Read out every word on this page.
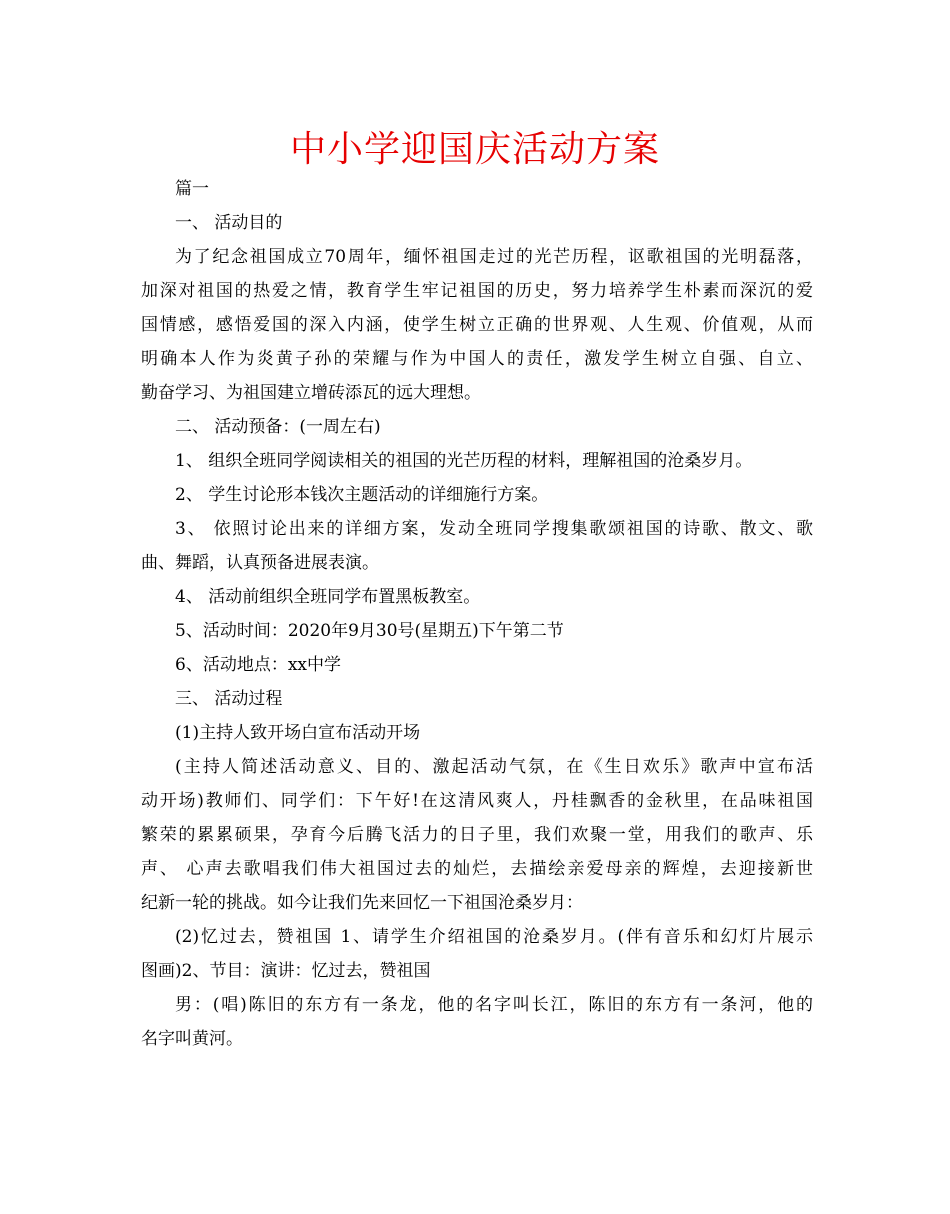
中小学迎国庆活动方案
篇一
一、 活动目的
为了纪念祖国成立70周年，缅怀祖国走过的光芒历程，讴歌祖国的光明磊落，
加深对祖国的热爱之情，教育学生牢记祖国的历史，努力培养学生朴素而深沉的爱
国情感，感悟爱国的深入内涵，使学生树立正确的世界观、人生观、价值观，从而
明确本人作为炎黄子孙的荣耀与作为中国人的责任，激发学生树立自强、自立、
勤奋学习、为祖国建立增砖添瓦的远大理想。
二、 活动预备：(一周左右)
1、 组织全班同学阅读相关的祖国的光芒历程的材料，理解祖国的沧桑岁月。
2、 学生讨论形本钱次主题活动的详细施行方案。
3、 依照讨论出来的详细方案，发动全班同学搜集歌颂祖国的诗歌、散文、歌
曲、舞蹈，认真预备进展表演。
4、 活动前组织全班同学布置黑板教室。
5、活动时间：2020年9月30号(星期五)下午第二节
6、活动地点：xx中学
三、 活动过程
(1)主持人致开场白宣布活动开场
(主持人简述活动意义、目的、激起活动气氛，在《生日欢乐》歌声中宣布活
动开场)教师们、同学们：下午好!在这清风爽人，丹桂飘香的金秋里，在品味祖国
繁荣的累累硕果，孕育今后腾飞活力的日子里，我们欢聚一堂，用我们的歌声、乐
声、 心声去歌唱我们伟大祖国过去的灿烂，去描绘亲爱母亲的辉煌，去迎接新世
纪新一轮的挑战。如今让我们先来回忆一下祖国沧桑岁月：
(2)忆过去，赞祖国 1、请学生介绍祖国的沧桑岁月。(伴有音乐和幻灯片展示
图画)2、节目：演讲：忆过去，赞祖国
男：(唱)陈旧的东方有一条龙，他的名字叫长江，陈旧的东方有一条河，他的
名字叫黄河。
